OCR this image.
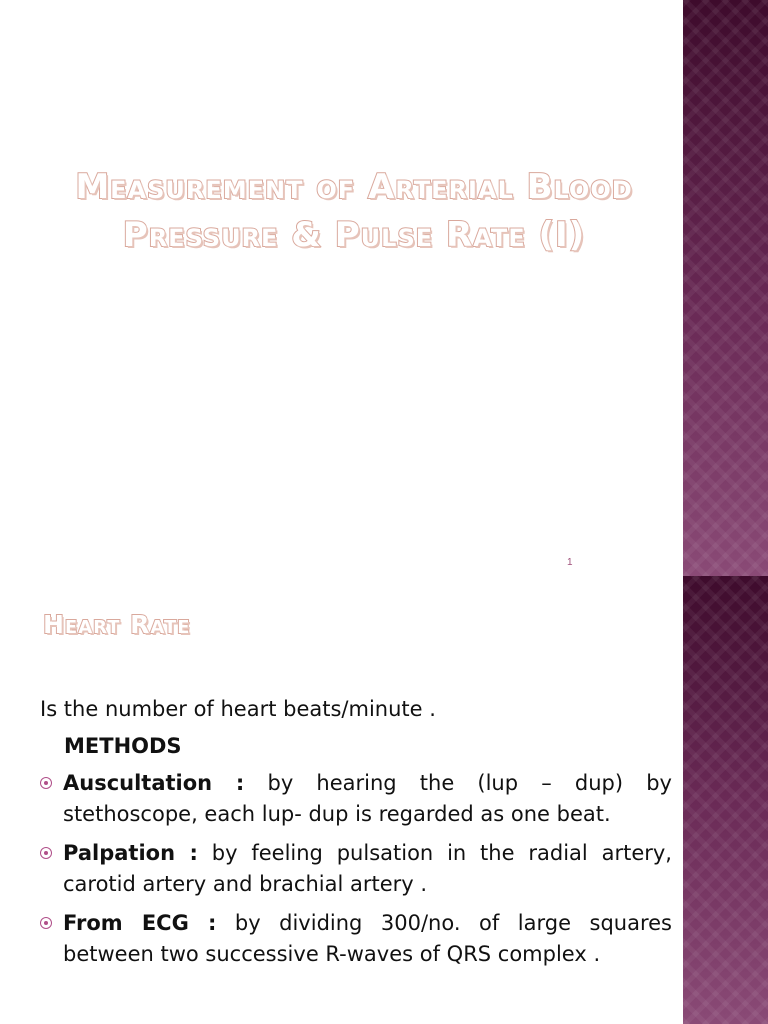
Measurement of Arterial Blood
Pressure & Pulse Rate (I)
1
Heart Rate

Is the number of heart beats/minute .

METHODS
Auscultation : by hearing the (lup – dup) by stethoscope, each lup- dup is regarded as one beat.
Palpation : by feeling pulsation in the radial artery, carotid artery and brachial artery .
From ECG : by dividing 300/no. of large squares between two successive R-waves of QRS complex .
